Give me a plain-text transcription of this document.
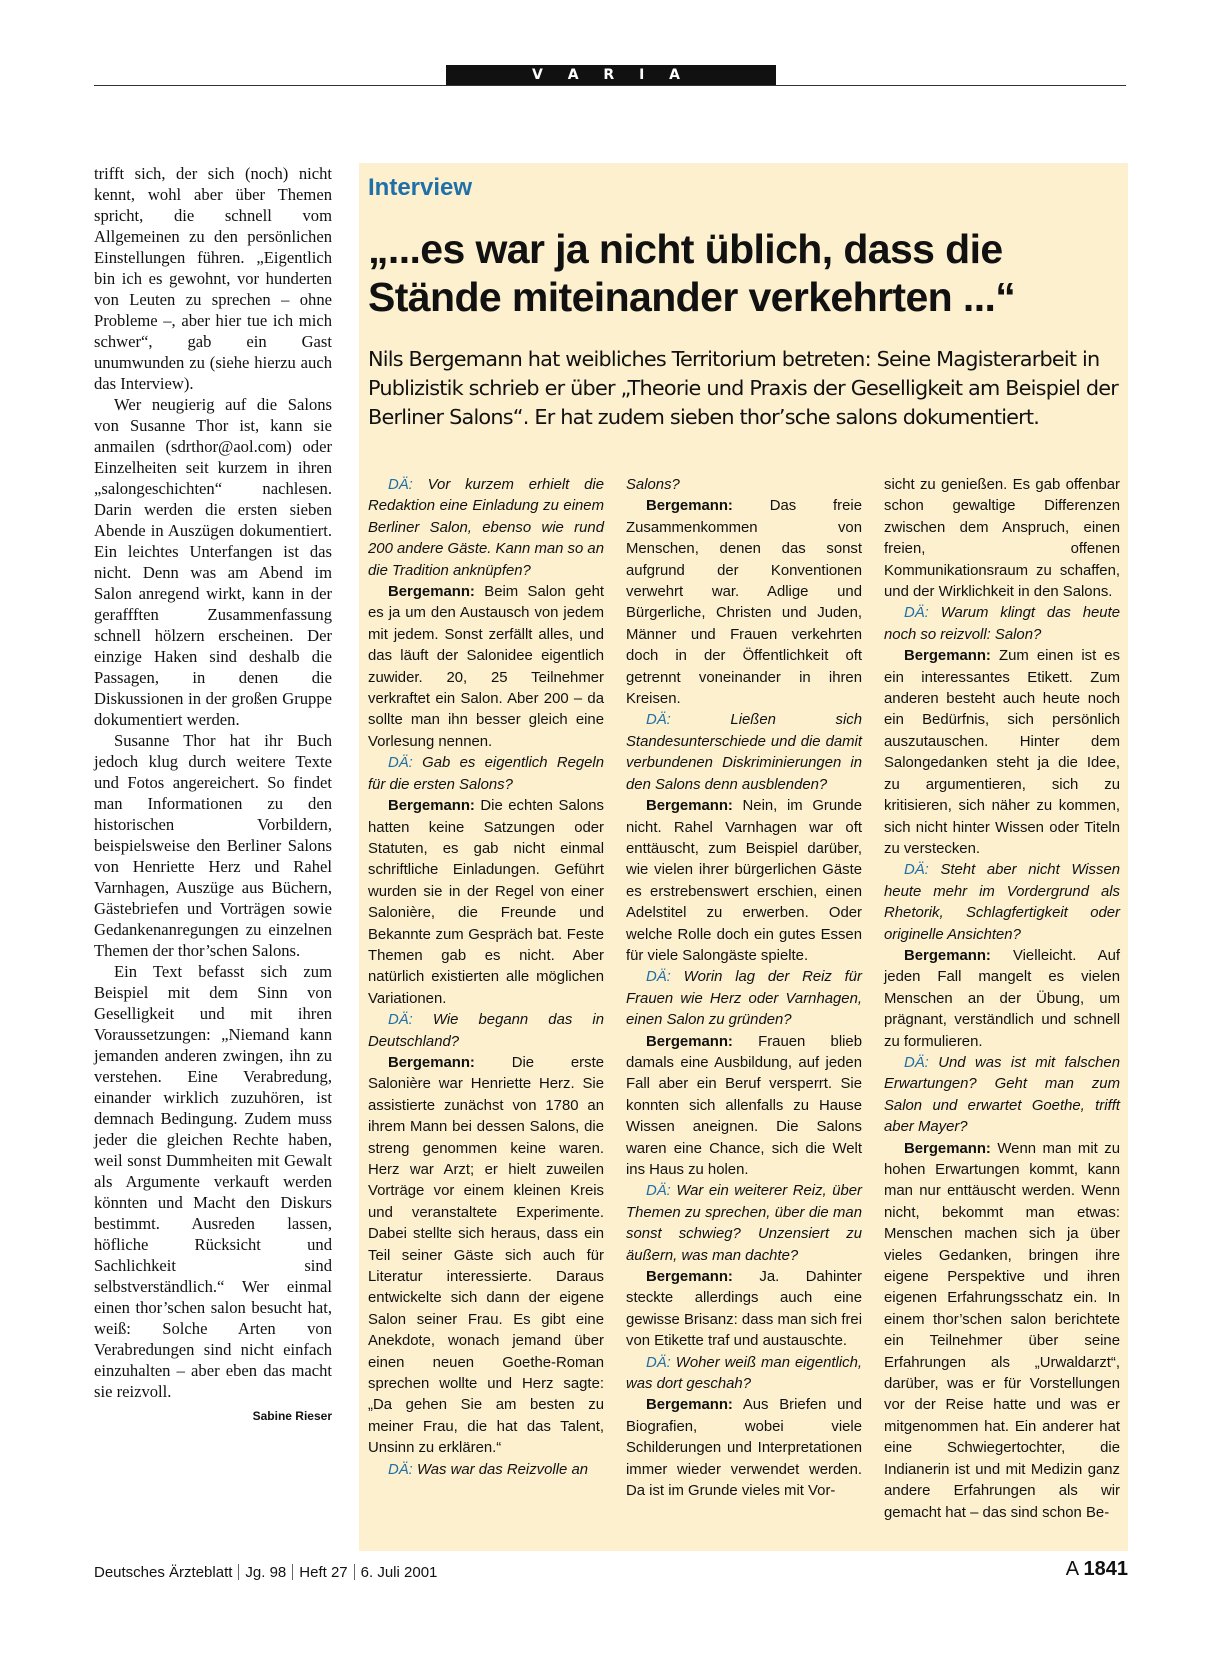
V A R I A

trifft sich, der sich (noch) nicht kennt, wohl aber über Themen spricht, die schnell vom Allgemeinen zu den persönlichen Einstellungen führen. „Eigentlich bin ich es gewohnt, vor hunderten von Leuten zu sprechen – ohne Probleme –, aber hier tue ich mich schwer“, gab ein Gast unumwunden zu (siehe hierzu auch das Interview).

Wer neugierig auf die Salons von Susanne Thor ist, kann sie anmailen (sdrthor@aol.com) oder Einzelheiten seit kurzem in ihren „salongeschichten“ nachlesen. Darin werden die ersten sieben Abende in Auszügen dokumentiert. Ein leichtes Unterfangen ist das nicht. Denn was am Abend im Salon anregend wirkt, kann in der geraffften Zusammenfassung schnell hölzern erscheinen. Der einzige Haken sind deshalb die Passagen, in denen die Diskussionen in der großen Gruppe dokumentiert werden.

Susanne Thor hat ihr Buch jedoch klug durch weitere Texte und Fotos angereichert. So findet man Informationen zu den historischen Vorbildern, beispielsweise den Berliner Salons von Henriette Herz und Rahel Varnhagen, Auszüge aus Büchern, Gästebriefen und Vorträgen sowie Gedankenanregungen zu einzelnen Themen der thor’schen Salons.

Ein Text befasst sich zum Beispiel mit dem Sinn von Geselligkeit und mit ihren Voraussetzungen: „Niemand kann jemanden anderen zwingen, ihn zu verstehen. Eine Verabredung, einander wirklich zuzuhören, ist demnach Bedingung. Zudem muss jeder die gleichen Rechte haben, weil sonst Dummheiten mit Gewalt als Argumente verkauft werden könnten und Macht den Diskurs bestimmt. Ausreden lassen, höfliche Rücksicht und Sachlichkeit sind selbstverständlich.“ Wer einmal einen thor’schen salon besucht hat, weiß: Solche Arten von Verabredungen sind nicht einfach einzuhalten – aber eben das macht sie reizvoll.

Sabine Rieser
Interview
„...es war ja nicht üblich, dass die Stände miteinander verkehrten ...“
Nils Bergemann hat weibliches Territorium betreten: Seine Magisterarbeit in Publizistik schrieb er über „Theorie und Praxis der Geselligkeit am Beispiel der Berliner Salons“. Er hat zudem sieben thor’sche salons dokumentiert.

DÄ: Vor kurzem erhielt die Redaktion eine Einladung zu einem Berliner Salon, ebenso wie rund 200 andere Gäste. Kann man so an die Tradition anknüpfen?

Bergemann: Beim Salon geht es ja um den Austausch von jedem mit jedem. Sonst zerfällt alles, und das läuft der Salonidee eigentlich zuwider. 20, 25 Teilnehmer verkraftet ein Salon. Aber 200 – da sollte man ihn besser gleich eine Vorlesung nennen.

DÄ: Gab es eigentlich Regeln für die ersten Salons?

Bergemann: Die echten Salons hatten keine Satzungen oder Statuten, es gab nicht einmal schriftliche Einladungen. Geführt wurden sie in der Regel von einer Salonière, die Freunde und Bekannte zum Gespräch bat. Feste Themen gab es nicht. Aber natürlich existierten alle möglichen Variationen.

DÄ: Wie begann das in Deutschland?

Bergemann: Die erste Salonière war Henriette Herz. Sie assistierte zunächst von 1780 an ihrem Mann bei dessen Salons, die streng genommen keine waren. Herz war Arzt; er hielt zuweilen Vorträge vor einem kleinen Kreis und veranstaltete Experimente. Dabei stellte sich heraus, dass ein Teil seiner Gäste sich auch für Literatur interessierte. Daraus entwickelte sich dann der eigene Salon seiner Frau. Es gibt eine Anekdote, wonach jemand über einen neuen Goethe-Roman sprechen wollte und Herz sagte: „Da gehen Sie am besten zu meiner Frau, die hat das Talent, Unsinn zu erklären.“

DÄ: Was war das Reizvolle an

Salons?

Bergemann: Das freie Zusammenkommen von Menschen, denen das sonst aufgrund der Konventionen verwehrt war. Adlige und Bürgerliche, Christen und Juden, Männer und Frauen verkehrten doch in der Öffentlichkeit oft getrennt voneinander in ihren Kreisen.

DÄ:	Ließen sich Standesunterschiede und die damit verbundenen Diskriminierungen in den Salons denn ausblenden?

Bergemann: Nein, im Grunde nicht. Rahel Varnhagen war oft enttäuscht, zum Beispiel darüber, wie vielen ihrer bürgerlichen Gäste es erstrebenswert erschien, einen Adelstitel zu erwerben. Oder welche Rolle doch ein gutes Essen für viele Salongäste spielte.

DÄ: Worin lag der Reiz für Frauen wie Herz oder Varnhagen, einen Salon zu gründen?

Bergemann: Frauen blieb damals eine Ausbildung, auf jeden Fall aber ein Beruf versperrt. Sie konnten sich allenfalls zu Hause Wissen aneignen. Die Salons waren eine Chance, sich die Welt ins Haus zu holen.

DÄ: War ein weiterer Reiz, über Themen zu sprechen, über die man sonst schwieg? Unzensiert zu äußern, was man dachte?

Bergemann: Ja. Dahinter steckte allerdings auch eine gewisse Brisanz: dass man sich frei von Etikette traf und austauschte.

DÄ: Woher weiß man eigentlich, was dort geschah?

Bergemann: Aus Briefen und Biografien, wobei viele Schilderungen und Interpretationen immer wieder verwendet werden. Da ist im Grunde vieles mit Vor-

sicht zu genießen. Es gab offenbar schon gewaltige Differenzen zwischen dem Anspruch, einen freien, offenen Kommunikationsraum zu schaffen, und der Wirklichkeit in den Salons.

DÄ: Warum klingt das heute noch so reizvoll: Salon?

Bergemann: Zum einen ist es ein interessantes Etikett. Zum anderen besteht auch heute noch ein Bedürfnis, sich persönlich auszutauschen. Hinter dem Salongedanken steht ja die Idee, zu argumentieren, sich zu kritisieren, sich näher zu kommen, sich nicht hinter Wissen oder Titeln zu verstecken.

DÄ: Steht aber nicht Wissen heute mehr im Vordergrund als Rhetorik, Schlagfertigkeit oder originelle Ansichten?

Bergemann: Vielleicht. Auf jeden Fall mangelt es vielen Menschen an der Übung, um prägnant, verständlich und schnell zu formulieren.

DÄ: Und was ist mit falschen Erwartungen? Geht man zum Salon und erwartet Goethe, trifft aber Mayer?

Bergemann: Wenn man mit zu hohen Erwartungen kommt, kann man nur enttäuscht werden. Wenn nicht, bekommt man etwas: Menschen machen sich ja über vieles Gedanken, bringen ihre eigene Perspektive und ihren eigenen Erfahrungsschatz ein. In einem thor’schen salon berichtete ein Teilnehmer über seine Erfahrungen als „Urwaldarzt“, darüber, was er für Vorstellungen vor der Reise hatte und was er mitgenommen hat. Ein anderer hat eine Schwiegertochter, die Indianerin ist und mit Medizin ganz andere Erfahrungen als wir gemacht hat – das sind schon Be-

Deutsches Ärzteblatt Jg. 98 Heft 27 6. Juli 2001	A 1841
